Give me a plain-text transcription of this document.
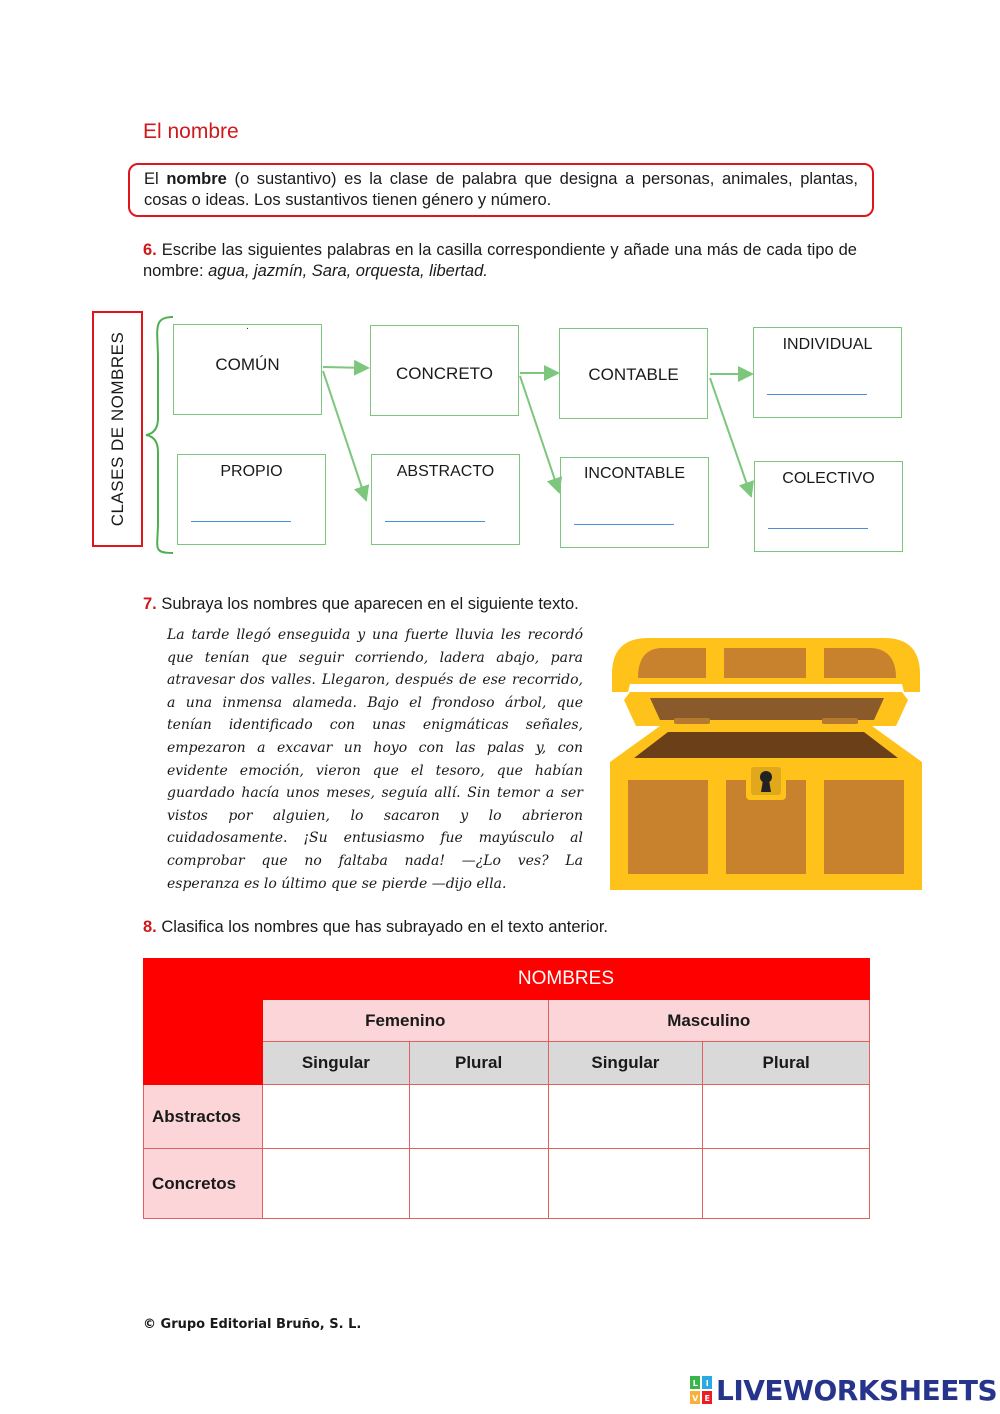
El nombre
El nombre (o sustantivo) es la clase de palabra que designa a personas, animales, plantas, cosas o ideas. Los sustantivos tienen género y número.
6. Escribe las siguientes palabras en la casilla correspondiente y añade una más de cada tipo de nombre: agua, jazmín, Sara, orquesta, libertad.
CLASES DE NOMBRES
·
COMÚN
PROPIO
CONCRETO
ABSTRACTO
CONTABLE
INCONTABLE
INDIVIDUAL
COLECTIVO
7. Subraya los nombres que aparecen en el siguiente texto.
La tarde llegó enseguida y una fuerte lluvia les recordó
que tenían que seguir corriendo, ladera abajo, para
atravesar dos valles. Llegaron, después de ese recorrido,
a una inmensa alameda. Bajo el frondoso árbol, que
tenían identificado con unas enigmáticas señales,
empezaron a excavar un hoyo con las palas y, con
evidente emoción, vieron que el tesoro, que habían
guardado hacía unos meses, seguía allí. Sin temor a ser
vistos por alguien, lo sacaron y lo abrieron
cuidadosamente. ¡Su entusiasmo fue mayúsculo al
comprobar que no faltaba nada! —¿Lo ves? La
esperanza es lo último que se pierde —dijo ella.
8. Clasifica los nombres que has subrayado en el texto anterior.
	NOMBRES			
	Femenino		Masculino	
	Singular	Plural	Singular	Plural
Abstractos				
Concretos				
© Grupo Editorial Bruño, S. L.
L I
V E LIVEWORKSHEETS
